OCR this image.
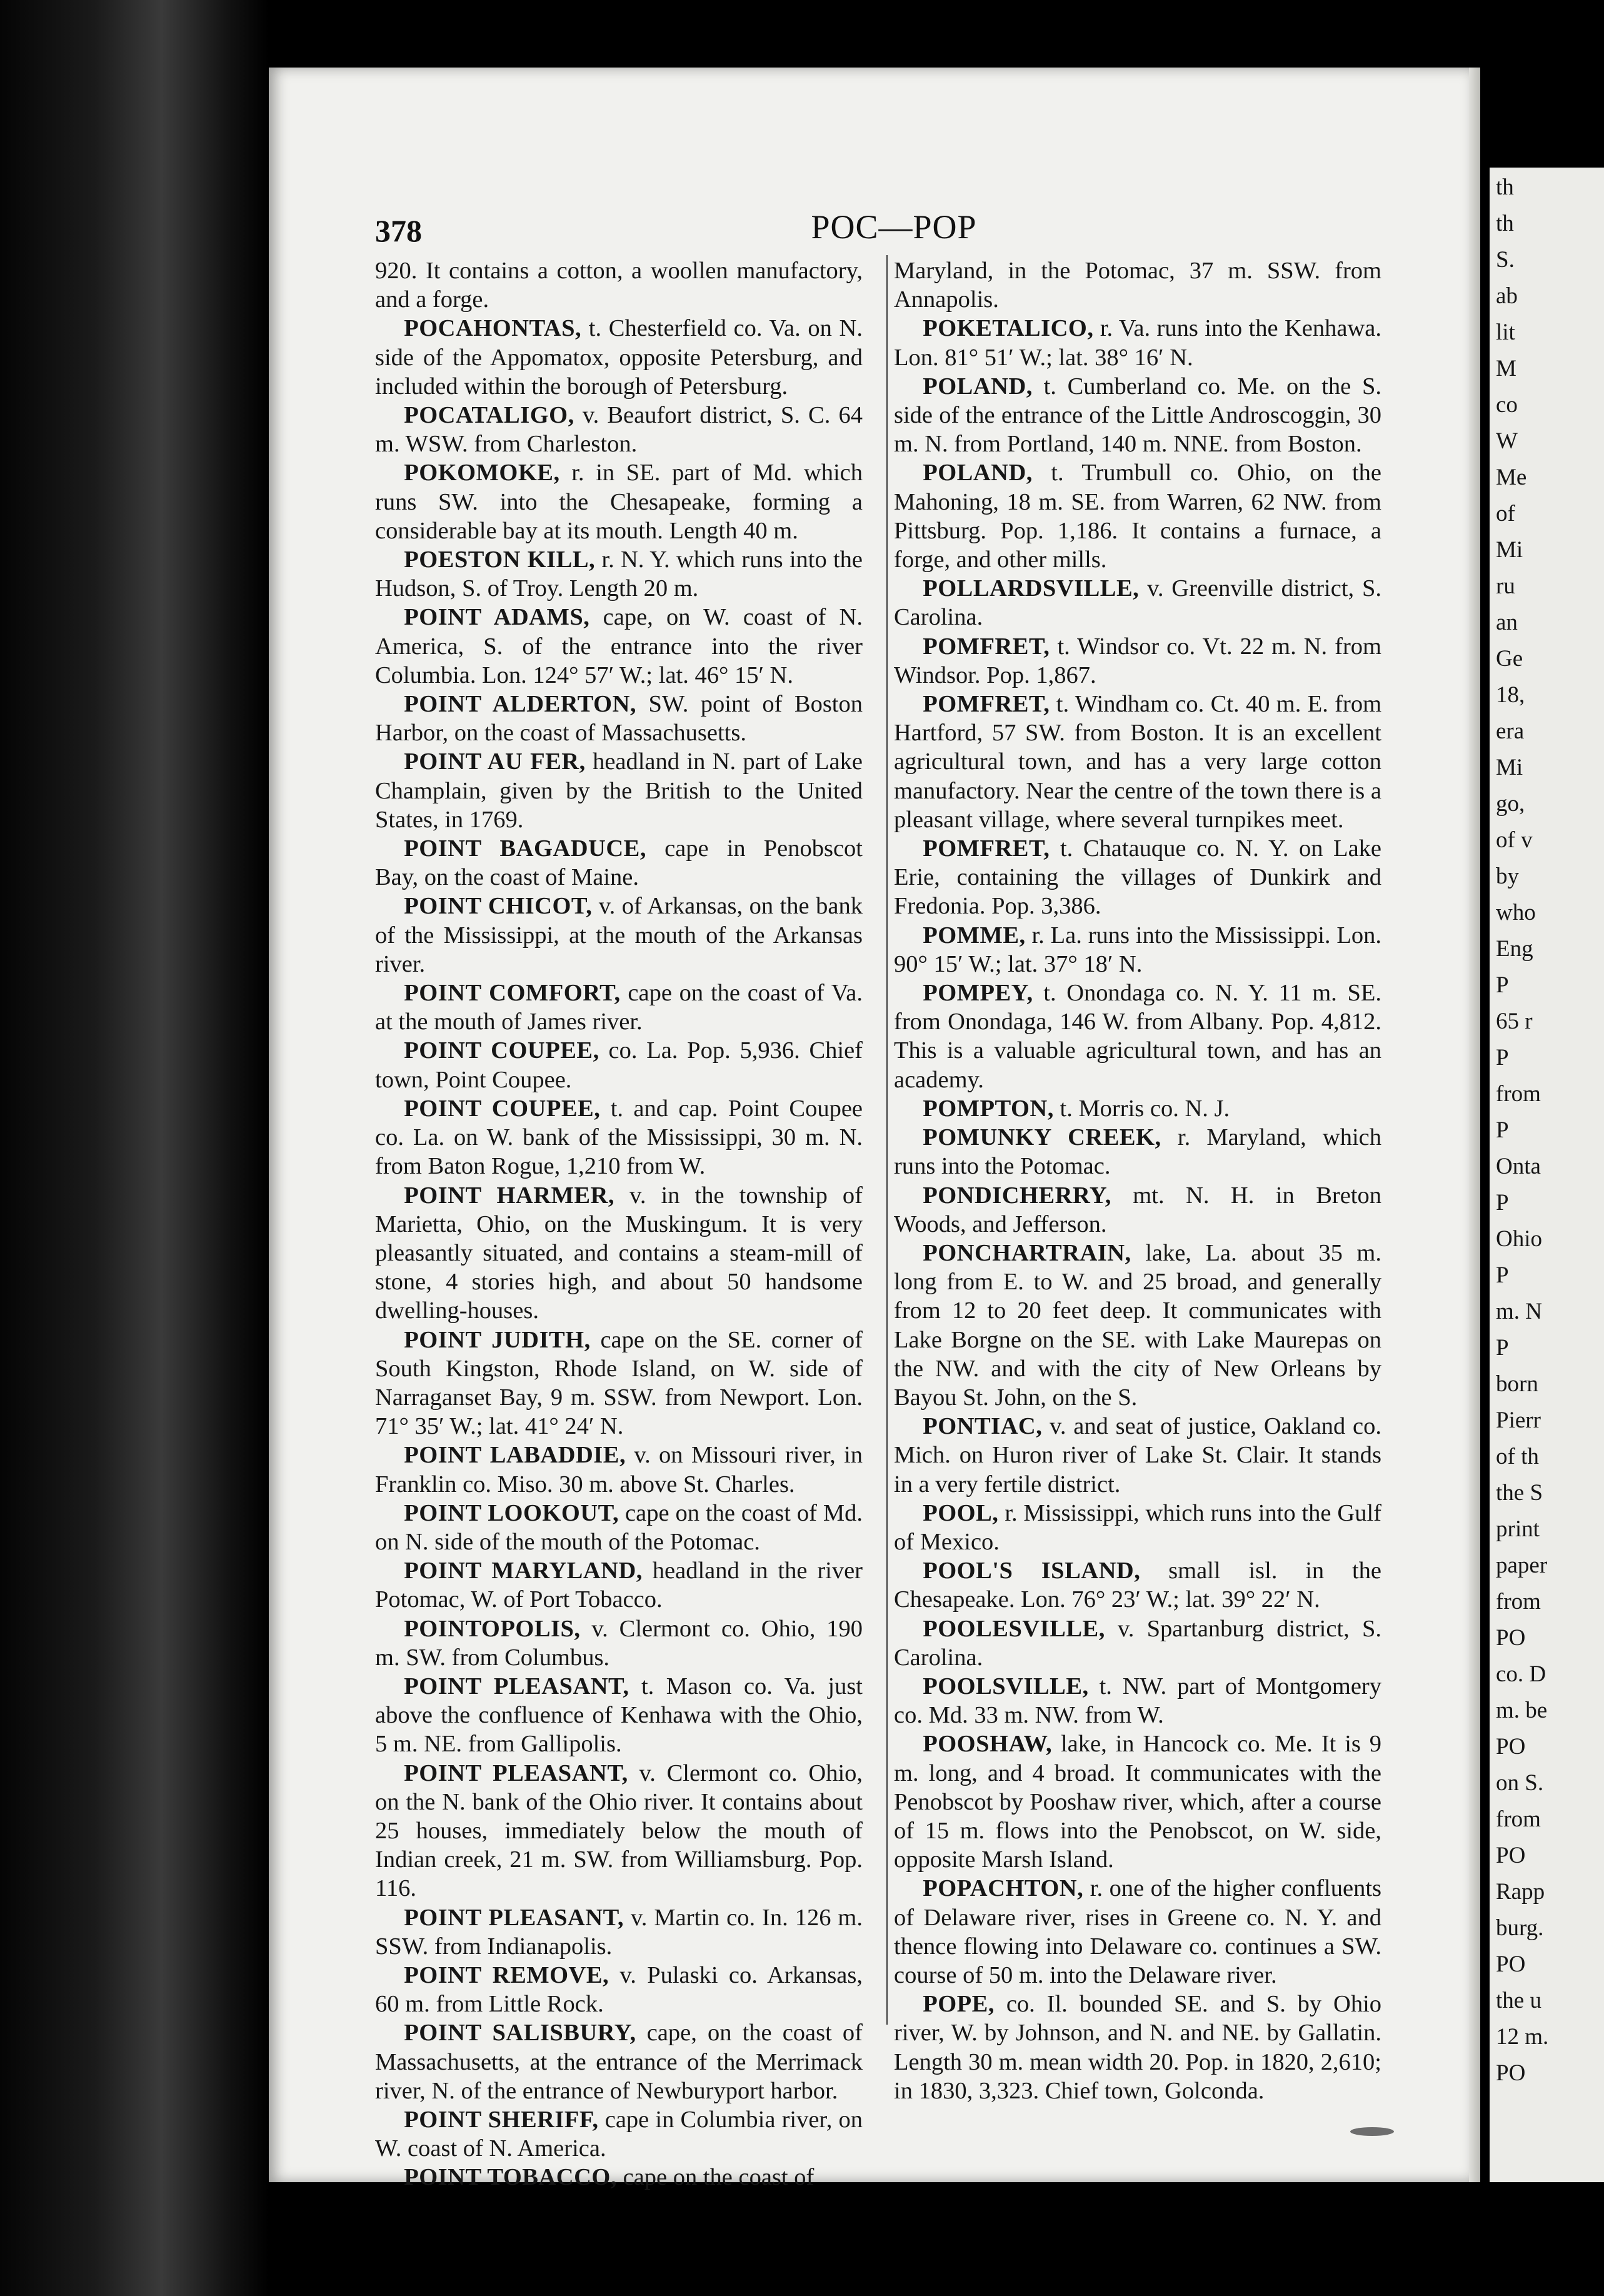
th
th
S.
ab
lit
M
co
W
Me
of
Mi
ru
an
Ge
18,
era
Mi
go,
of v
by
who
Eng
P
65 r
P
from
P
Onta
P
Ohio
P
m. N
P
born
Pierr
of th
the S
print
paper
from
PO
co. D
m. be
PO
on S.
from
PO
Rapp
burg.
PO
the u
12 m.
PO
378	POC—POP

920. It contains a cotton, a woollen manufactory, and a forge.

POCAHONTAS, t. Chesterfield co. Va. on N. side of the Appomatox, opposite Petersburg, and included within the borough of Petersburg.

POCATALIGO, v. Beaufort district, S. C. 64 m. WSW. from Charleston.

POKOMOKE, r. in SE. part of Md. which runs SW. into the Chesapeake, forming a considerable bay at its mouth. Length 40 m.

POESTON KILL, r. N. Y. which runs into the Hudson, S. of Troy. Length 20 m.

POINT ADAMS, cape, on W. coast of N. America, S. of the entrance into the river Columbia. Lon. 124° 57′ W.; lat. 46° 15′ N.

POINT ALDERTON, SW. point of Boston Harbor, on the coast of Massachusetts.

POINT AU FER, headland in N. part of Lake Champlain, given by the British to the United States, in 1769.

POINT BAGADUCE, cape in Penobscot Bay, on the coast of Maine.

POINT CHICOT, v. of Arkansas, on the bank of the Mississippi, at the mouth of the Arkansas river.

POINT COMFORT, cape on the coast of Va. at the mouth of James river.

POINT COUPEE, co. La. Pop. 5,936. Chief town, Point Coupee.

POINT COUPEE, t. and cap. Point Coupee co. La. on W. bank of the Mississippi, 30 m. N. from Baton Rogue, 1,210 from W.

POINT HARMER, v. in the township of Marietta, Ohio, on the Muskingum. It is very pleasantly situated, and contains a steam-mill of stone, 4 stories high, and about 50 handsome dwelling-houses.

POINT JUDITH, cape on the SE. corner of South Kingston, Rhode Island, on W. side of Narraganset Bay, 9 m. SSW. from Newport. Lon. 71° 35′ W.; lat. 41° 24′ N.

POINT LABADDIE, v. on Missouri river, in Franklin co. Miso. 30 m. above St. Charles.

POINT LOOKOUT, cape on the coast of Md. on N. side of the mouth of the Potomac.

POINT MARYLAND, headland in the river Potomac, W. of Port Tobacco.

POINTOPOLIS, v. Clermont co. Ohio, 190 m. SW. from Columbus.

POINT PLEASANT, t. Mason co. Va. just above the confluence of Kenhawa with the Ohio, 5 m. NE. from Gallipolis.

POINT PLEASANT, v. Clermont co. Ohio, on the N. bank of the Ohio river. It contains about 25 houses, immediately below the mouth of Indian creek, 21 m. SW. from Williamsburg. Pop. 116.

POINT PLEASANT, v. Martin co. In. 126 m. SSW. from Indianapolis.

POINT REMOVE, v. Pulaski co. Arkansas, 60 m. from Little Rock.

POINT SALISBURY, cape, on the coast of Massachusetts, at the entrance of the Merrimack river, N. of the entrance of Newburyport harbor.

POINT SHERIFF, cape in Columbia river, on W. coast of N. America.

POINT TOBACCO, cape on the coast of

Maryland, in the Potomac, 37 m. SSW. from Annapolis.

POKETALICO, r. Va. runs into the Kenhawa. Lon. 81° 51′ W.; lat. 38° 16′ N.

POLAND, t. Cumberland co. Me. on the S. side of the entrance of the Little Androscoggin, 30 m. N. from Portland, 140 m. NNE. from Boston.

POLAND, t. Trumbull co. Ohio, on the Mahoning, 18 m. SE. from Warren, 62 NW. from Pittsburg. Pop. 1,186. It contains a furnace, a forge, and other mills.

POLLARDSVILLE, v. Greenville district, S. Carolina.

POMFRET, t. Windsor co. Vt. 22 m. N. from Windsor. Pop. 1,867.

POMFRET, t. Windham co. Ct. 40 m. E. from Hartford, 57 SW. from Boston. It is an excellent agricultural town, and has a very large cotton manufactory. Near the centre of the town there is a pleasant village, where several turnpikes meet.

POMFRET, t. Chatauque co. N. Y. on Lake Erie, containing the villages of Dunkirk and Fredonia. Pop. 3,386.

POMME, r. La. runs into the Mississippi. Lon. 90° 15′ W.; lat. 37° 18′ N.

POMPEY, t. Onondaga co. N. Y. 11 m. SE. from Onondaga, 146 W. from Albany. Pop. 4,812. This is a valuable agricultural town, and has an academy.

POMPTON, t. Morris co. N. J.

POMUNKY CREEK, r. Maryland, which runs into the Potomac.

PONDICHERRY, mt. N. H. in Breton Woods, and Jefferson.

PONCHARTRAIN, lake, La. about 35 m. long from E. to W. and 25 broad, and generally from 12 to 20 feet deep. It communicates with Lake Borgne on the SE. with Lake Maurepas on the NW. and with the city of New Orleans by Bayou St. John, on the S.

PONTIAC, v. and seat of justice, Oakland co. Mich. on Huron river of Lake St. Clair. It stands in a very fertile district.

POOL, r. Mississippi, which runs into the Gulf of Mexico.

POOL'S ISLAND, small isl. in the Chesapeake. Lon. 76° 23′ W.; lat. 39° 22′ N.

POOLESVILLE, v. Spartanburg district, S. Carolina.

POOLSVILLE, t. NW. part of Montgomery co. Md. 33 m. NW. from W.

POOSHAW, lake, in Hancock co. Me. It is 9 m. long, and 4 broad. It communicates with the Penobscot by Pooshaw river, which, after a course of 15 m. flows into the Penobscot, on W. side, opposite Marsh Island.

POPACHTON, r. one of the higher confluents of Delaware river, rises in Greene co. N. Y. and thence flowing into Delaware co. continues a SW. course of 50 m. into the Delaware river.

POPE, co. Il. bounded SE. and S. by Ohio river, W. by Johnson, and N. and NE. by Gallatin. Length 30 m. mean width 20. Pop. in 1820, 2,610; in 1830, 3,323. Chief town, Golconda.
